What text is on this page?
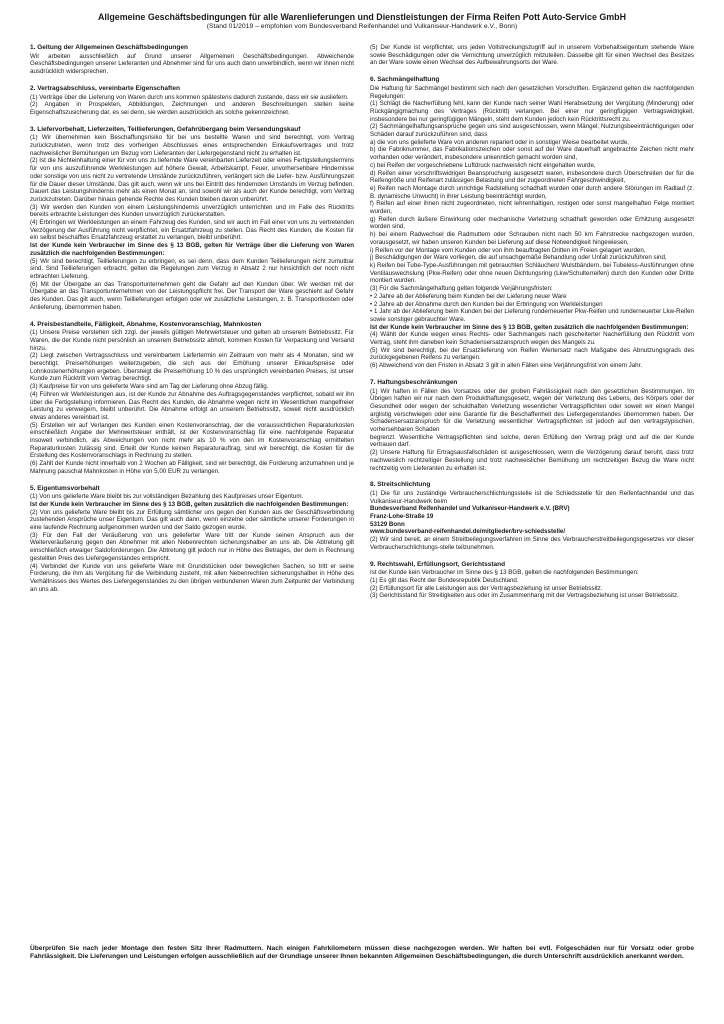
Allgemeine Geschäftsbedingungen für alle Warenlieferungen und Dienstleistungen der Firma Reifen Pott Auto-Service GmbH
(Stand 01/2019 – empfohlen vom Bundesverband Reifenhandel und Vulkaniseur-Handwerk e.V., Bonn)
1. Geltung der Allgemeinen Geschäftsbedingungen
Wir arbeiten ausschließlich auf Grund unserer Allgemeinen Geschäftsbedingungen. Abweichende Geschäftsbedingungen unserer Lieferanten und Abnehmer sind für uns auch dann unverbindlich, wenn wir ihnen nicht ausdrücklich widersprechen.
2. Vertragsabschluss, vereinbarte Eigenschaften
(1) Verträge über die Lieferung von Waren durch uns kommen spätestens dadurch zustande, dass wir sie ausliefern.
(2) Angaben in Prospekten, Abbildungen, Zeichnungen und anderen Beschreibungen stellen keine Eigenschaftszusicherung dar, es sei denn, sie werden ausdrücklich als solche gekennzeichnet.
3. Liefervorbehalt, Lieferzeiten, Teillieferungen, Gefahrübergang beim Versendungskauf
(1) Wir übernehmen kein Beschaffungsrisiko für bei uns bestellte Waren und sind berechtigt, vom Vertrag zurückzutreten, wenn trotz des vorherigen Abschlusses eines entsprechenden Einkaufsvertrages und trotz nachweislicher Bemühungen um Bezug vom Lieferanten der Liefergegenstand nicht zu erhalten ist.
(2) Ist die Nichteinhaltung einer für von uns zu liefernde Ware vereinbarten Lieferzeit oder eines Fertigstellungstermins für von uns auszuführende Werkleistungen auf höhere Gewalt, Arbeitskampf, Feuer, unvorhersehbare Hindernisse oder sonstige von uns nicht zu vertretende Umstände zurückzuführen, verlängert sich die Liefer- bzw. Ausführungszeit für die Dauer dieser Umstände. Das gilt auch, wenn wir uns bei Eintritt des hindernden Umstands im Verzug befinden. Dauert das Leistungshindernis mehr als einen Monat an, sind sowohl wir als auch der Kunde berechtigt, vom Vertrag zurückzutreten. Darüber hinaus gehende Rechte des Kunden bleiben davon unberührt.
(3) Wir werden den Kunden von einem Leistungshindernis unverzüglich unterrichten und im Falle des Rücktritts bereits erbrachte Leistungen des Kunden unverzüglich zurückerstatten.
(4) Erbringen wir Werkleistungen an einem Fahrzeug des Kunden, sind wir auch im Fall einer von uns zu vertretenden Verzögerung der Ausführung nicht verpflichtet, ein Ersatzfahrzeug zu stellen. Das Recht des Kunden, die Kosten für ein selbst beschafftes Ersatzfahrzeug erstattet zu verlangen, bleibt unberührt.
Ist der Kunde kein Verbraucher im Sinne des § 13 BGB, gelten für Verträge über die Lieferung von Waren zusätzlich die nachfolgenden Bestimmungen:
(5) Wir sind berechtigt, Teillieferungen zu erbringen, es sei denn, dass dem Kunden Teillieferungen nicht zumutbar sind. Sind Teillieferungen erbracht, gelten die Regelungen zum Verzug in Absatz 2 nur hinsichtlich der noch nicht erbrachten Lieferung.
(6) Mit der Übergabe an das Transportunternehmen geht die Gefahr auf den Kunden über. Wir werden mit der Übergabe an das Transportunternehmen von der Leistungspflicht frei. Der Transport der Ware geschieht auf Gefahr des Kunden. Das gilt auch, wenn Teillieferungen erfolgen oder wir zusätzliche Leistungen, z. B. Transportkosten oder Anlieferung, übernommen haben.
4. Preisbestandteile, Fälligkeit, Abnahme, Kostenvoranschlag, Mahnkosten
(1) Unsere Preise verstehen sich zzgl. der jeweils gültigen Mehrwertsteuer und gelten ab unserem Betriebssitz. Für Waren, die der Kunde nicht persönlich an unserem Betriebssitz abholt, kommen Kosten für Verpackung und Versand hinzu.
(2) Liegt zwischen Vertragsschluss und vereinbartem Liefertermin ein Zeitraum von mehr als 4 Monaten, sind wir berechtigt, Preiserhöhungen weiterzugeben, die sich aus der Erhöhung unserer Einkaufspreise oder Lohnkostenerhöhungen ergeben. Übersteigt die Preiserhöhung 10 % des ursprünglich vereinbarten Preises, ist unser Kunde zum Rücktritt vom Vertrag berechtigt.
(3) Kaufpreise für von uns gelieferte Ware sind am Tag der Lieferung ohne Abzug fällig.
(4) Führen wir Werkleistungen aus, ist der Kunde zur Abnahme des Auftragsgegenstandes verpflichtet, sobald wir ihn über die Fertigstellung informieren. Das Recht des Kunden, die Abnahme wegen nicht im Wesentlichen mangelfreier Leistung zu verweigern, bleibt unberührt. Die Abnahme erfolgt an unserem Betriebssitz, soweit nicht ausdrücklich etwas anderes vereinbart ist.
(5) Erstellen wir auf Verlangen des Kunden einen Kostenvoranschlag, der die voraussichtlichen Reparaturkosten einschließlich Angabe der Mehrwertsteuer enthält, ist der Kostenvoranschlag für eine nachfolgende Reparatur insoweit verbindlich, als Abweichungen von nicht mehr als 10 % von den im Kostenvoranschlag ermittelten Reparaturkosten zulässig sind. Erteilt der Kunde keinen Reparaturauftrag, sind wir berechtigt, die Kosten für die Erstellung des Kostenvoranschlags in Rechnung zu stellen.
(6) Zahlt der Kunde nicht innerhalb von 2 Wochen ab Fälligkeit, sind wir berechtigt, die Forderung anzumahnen und je Mahnung pauschal Mahnkosten in Höhe von 5,00 EUR zu verlangen.
5. Eigentumsvorbehalt
(1) Von uns gelieferte Ware bleibt bis zur vollständigen Bezahlung des Kaufpreises unser Eigentum.
Ist der Kunde kein Verbraucher im Sinne des § 13 BGB, gelten zusätzlich die nachfolgenden Bestimmungen:
(2) Von uns gelieferte Ware bleibt bis zur Erfüllung sämtlicher uns gegen den Kunden aus der Geschäftsverbindung zustehenden Ansprüche unser Eigentum. Das gilt auch dann, wenn einzelne oder sämtliche unserer Forderungen in eine laufende Rechnung aufgenommen wurden und der Saldo gezogen wurde.
(3) Für den Fall der Veräußerung von uns gelieferter Ware tritt der Kunde seinen Anspruch aus der Weiterveräußerung gegen den Abnehmer mit allen Nebenrechten sicherungshalber an uns ab. Die Abtretung gilt einschließlich etwaiger Saldoforderungen. Die Abtretung gilt jedoch nur in Höhe des Betrages, der dem in Rechnung gestellten Preis des Liefergegenstandes entspricht.
(4) Verbindet der Kunde von uns gelieferte Ware mit Grundstücken oder beweglichen Sachen, so tritt er seine Forderung, die ihm als Vergütung für die Verbindung zusteht, mit allen Nebenrechten sicherungshalber in Höhe des Verhältnisses des Wertes des Liefergegenstandes zu den übrigen verbundenen Waren zum Zeitpunkt der Verbindung an uns ab.
(5) Der Kunde ist verpflichtet, uns jeden Vollstreckungszugriff auf in unserem Vorbehaltseigentum stehende Ware sowie Beschädigungen oder die Vernichtung unverzüglich mitzuteilen. Dasselbe gilt für einen Wechsel des Besitzes an der Ware sowie einen Wechsel des Aufbewahrungsorts der Ware.
6. Sachmängelhaftung
Die Haftung für Sachmängel bestimmt sich nach den gesetzlichen Vorschriften. Ergänzend gelten die nachfolgenden Regelungen:
(1) Schlägt die Nacherfüllung fehl, kann der Kunde nach seiner Wahl Herabsetzung der Vergütung (Minderung) oder Rückgängigmachung des Vertrages (Rücktritt) verlangen. Bei einer nur geringfügigen Vertragswidrigkeit, insbesondere bei nur geringfügigen Mängeln, steht dem Kunden jedoch kein Rücktrittsrecht zu.
(2) Sachmängelhaftungsansprüche gegen uns sind ausgeschlossen, wenn Mängel, Nutzungsbeeinträchtigungen oder Schäden darauf zurückzuführen sind, dass
a) die von uns gelieferte Ware von anderen repariert oder in sonstiger Weise bearbeitet wurde,
b) die Fabriknummer, das Fabrikationszeichen oder sonst auf der Ware dauerhaft angebrachte Zeichen nicht mehr vorhanden oder verändert, insbesondere unkenntlich gemacht worden sind,
c) bei Reifen der vorgeschriebene Luftdruck nachweislich nicht eingehalten wurde,
d) Reifen einer vorschriftswidrigen Beanspruchung ausgesetzt waren, insbesondere durch Überschreiten der für die Reifengröße und Reifenart zulässigen Belastung und der zugeordneten Fahrgeschwindigkeit,
e) Reifen nach Montage durch unrichtige Radstellung schadhaft wurden oder durch andere Störungen im Radlauf (z. B. dynamische Unwucht) in ihrer Leistung beeinträchtigt wurden,
f) Reifen auf einer ihnen nicht zugeordneten, nicht lehrenhaltigen, rostigen oder sonst mangelhaften Felge montiert wurden,
g) Reifen durch äußere Einwirkung oder mechanische Verletzung schadhaft geworden oder Erhitzung ausgesetzt worden sind,
h) bei einem Radwechsel die Radmuttern oder Schrauben nicht nach 50 km Fahrstrecke nachgezogen wurden, vorausgesetzt, wir haben unseren Kunden bei Lieferung auf diese Notwendigkeit hingewiesen,
i) Reifen vor der Montage vom Kunden oder von ihm beauftragten Dritten im Freien gelagert wurden,
j) Beschädigungen der Ware vorliegen, die auf unsachgemäße Behandlung oder Unfall zurückzuführen sind,
k) Reifen bei Tube-Type-Ausführungen mit gebrauchten Schläuchen/ Wulstbändern, bei Tubeless-Ausführungen ohne Ventilauswechslung (Pkw-Reifen) oder ohne neuen Dichtungsring (Lkw/Schulterreifen) durch den Kunden oder Dritte montiert wurden.
(3) Für die Sachmängelhaftung gelten folgende Verjährungsfristen:
• 2 Jahre ab der Ablieferung beim Kunden bei der Lieferung neuer Ware
• 2 Jahre ab der Abnahme durch den Kunden bei der Erbringung von Werkleistungen
• 1 Jahr ab der Ablieferung beim Kunden bei der Lieferung runderneuerter Pkw-Reifen und runderneuerter Lkw-Reifen sowie sonstiger gebrauchter Ware.
Ist der Kunde kein Verbraucher im Sinne des § 13 BGB, gelten zusätzlich die nachfolgenden Bestimmungen:
(4) Wählt der Kunde wegen eines Rechts- oder Sachmangels nach gescheiterter Nacherfüllung den Rücktritt vom Vertrag, steht ihm daneben kein Schadensersatzanspruch wegen des Mangels zu.
(5) Wir sind berechtigt, bei der Ersatzlieferung von Reifen Wertersatz nach Maßgabe des Abnutzungsgrads des zurückgegebenen Reifens zu verlangen.
(6) Abweichend von den Fristen in Absatz 3 gilt in allen Fällen eine Verjährungsfrist von einem Jahr.
7. Haftungsbeschränkungen
(1) Wir haften in Fällen des Vorsatzes oder der groben Fahrlässigkeit nach den gesetzlichen Bestimmungen. Im Übrigen haften wir nur nach dem Produkthaftungsgesetz, wegen der Verletzung des Lebens, des Körpers oder der Gesundheit oder wegen der schuldhaften Verletzung wesentlicher Vertragspflichten oder soweit wir einen Mangel arglistig verschwiegen oder eine Garantie für die Beschaffenheit des Liefergegenstandes übernommen haben. Der Schadensersatzanspruch für die Verletzung wesentlicher Vertragspflichten ist jedoch auf den vertragstypischen, vorhersehbaren Schaden
begrenzt. Wesentliche Vertragspflichten sind solche, deren Erfüllung den Vertrag prägt und auf die der Kunde vertrauen darf.
(2) Unsere Haftung für Ertragsausfallschäden ist ausgeschlossen, wenn die Verzögerung darauf beruht, dass trotz nachweislich rechtzeitiger Bestellung und trotz nachweislicher Bemühung um rechtzeitigen Bezug die Ware nicht rechtzeitig vom Lieferanten zu erhalten ist.
8. Streitschlichtung
(1) Die für uns zuständige Verbraucherschlichtungsstelle ist die Schiedsstelle für den Reifenfachhandel und das Vulkaniseur-Handwerk beim
Bundesverband Reifenhandel und Vulkaniseur-Handwerk e.V. (BRV)
Franz-Lohe-Straße 19
53129 Bonn
www.bundesverband-reifenhandel.de/mitglieder/brv-schiedsstelle/
(2) Wir sind bereit, an einem Streitbeilegungsverfahren im Sinne des Verbraucherstreitbeilegungsgesetzes vor dieser Verbraucherschlichtungs-stelle teilzunehmen.
9. Rechtswahl, Erfüllungsort, Gerichtsstand
Ist der Kunde kein Verbraucher im Sinne des § 13 BGB, gelten die nachfolgenden Bestimmungen:
(1) Es gilt das Recht der Bundesrepublik Deutschland.
(2) Erfüllungsort für alle Leistungen aus der Vertragsbeziehung ist unser Betriebssitz.
(3) Gerichtsstand für Streitigkeiten aus oder im Zusammenhang mit der Vertragsbeziehung ist unser Betriebssitz.
Überprüfen Sie nach jeder Montage den festen Sitz Ihrer Radmuttern. Nach einigen Fahrkilometern müssen diese nachgezogen werden. Wir haften bei evtl. Folgeschäden nur für Vorsatz oder grobe Fahrlässigkeit. Die Lieferungen und Leistungen erfolgen ausschließlich auf der Grundlage unserer Ihnen bekannten Allgemeinen Geschäftsbedingungen, die durch Unterschrift ausdrücklich anerkannt werden.
